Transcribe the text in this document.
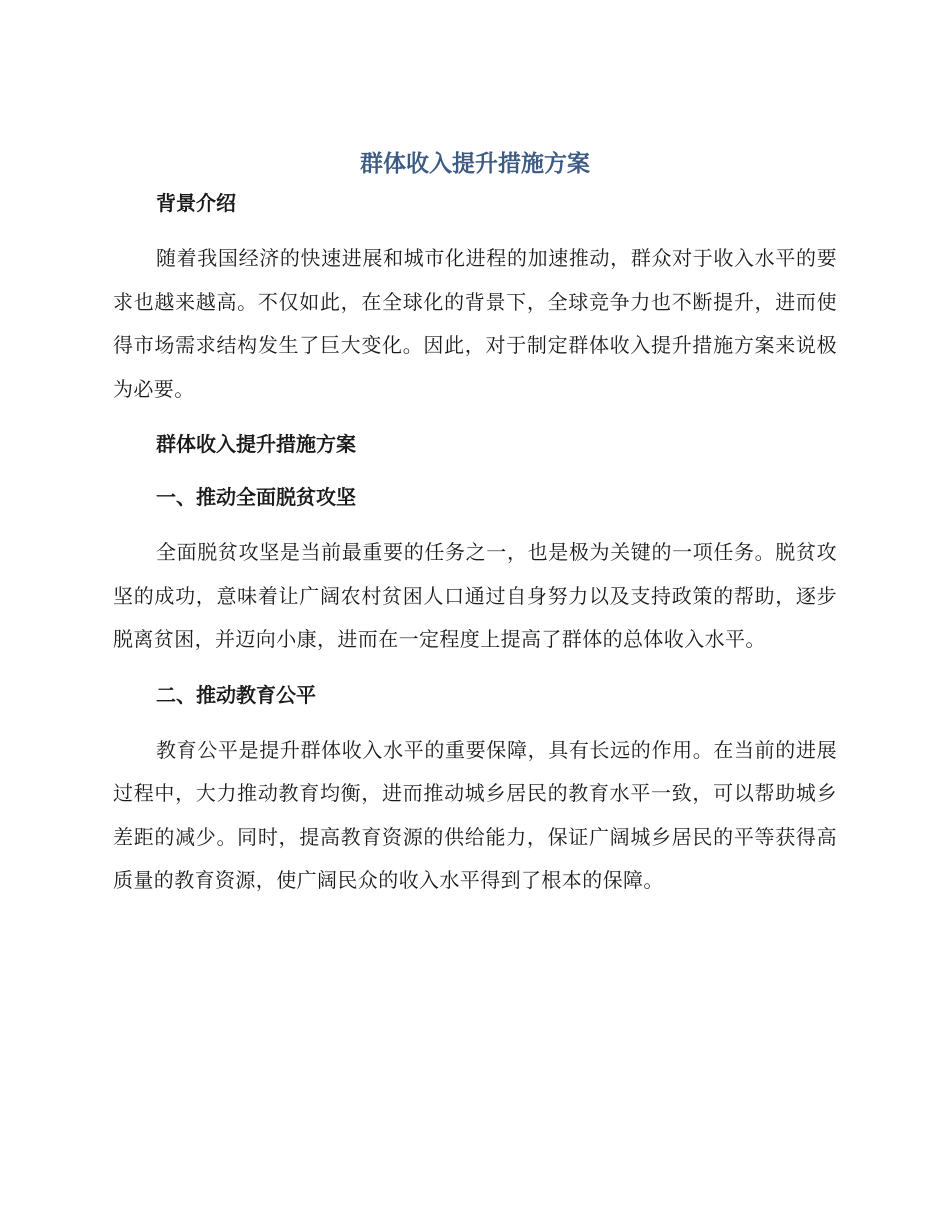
群体收入提升措施方案

背景介绍

随着我国经济的快速进展和城市化进程的加速推动，群众对于收入水平的要求也越来越高。不仅如此，在全球化的背景下，全球竞争力也不断提升，进而使得市场需求结构发生了巨大变化。因此，对于制定群体收入提升措施方案来说极为必要。

群体收入提升措施方案

一、推动全面脱贫攻坚

全面脱贫攻坚是当前最重要的任务之一，也是极为关键的一项任务。脱贫攻坚的成功，意味着让广阔农村贫困人口通过自身努力以及支持政策的帮助，逐步脱离贫困，并迈向小康，进而在一定程度上提高了群体的总体收入水平。

二、推动教育公平

教育公平是提升群体收入水平的重要保障，具有长远的作用。在当前的进展过程中，大力推动教育均衡，进而推动城乡居民的教育水平一致，可以帮助城乡差距的减少。同时，提高教育资源的供给能力，保证广阔城乡居民的平等获得高质量的教育资源，使广阔民众的收入水平得到了根本的保障。
